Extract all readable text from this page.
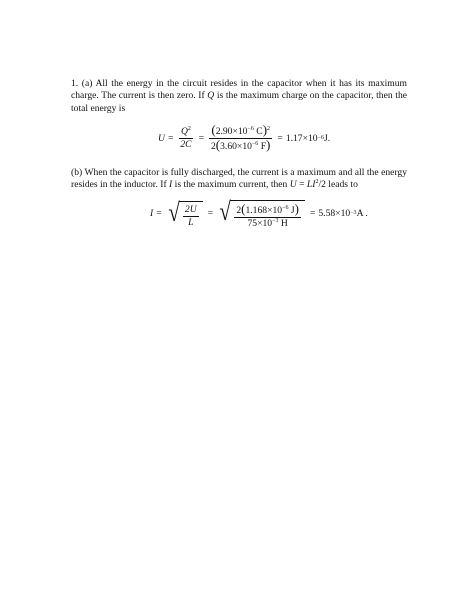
1. (a) All the energy in the circuit resides in the capacitor when it has its maximum charge. The current is then zero. If Q is the maximum charge on the capacitor, then the total energy is

$U = \frac{Q^2}{2C} = \frac{(2.90\times 10^{-6} C)^2}{2(3.60\times 10^{-6} F)} = 1.17\times 10 -6$ J.

(b) When the capacitor is fully discharged, the current is a maximum and all the energy resides in the inductor. If I is the maximum current, then $U = LI^2/2$ leads to

I = √ $\frac{2U}{L}$ = √ $\frac{2(1.168\times 10^{-6} J)}{75\times 10^{-3} H} = 5.58\times 10 -3$ A .
